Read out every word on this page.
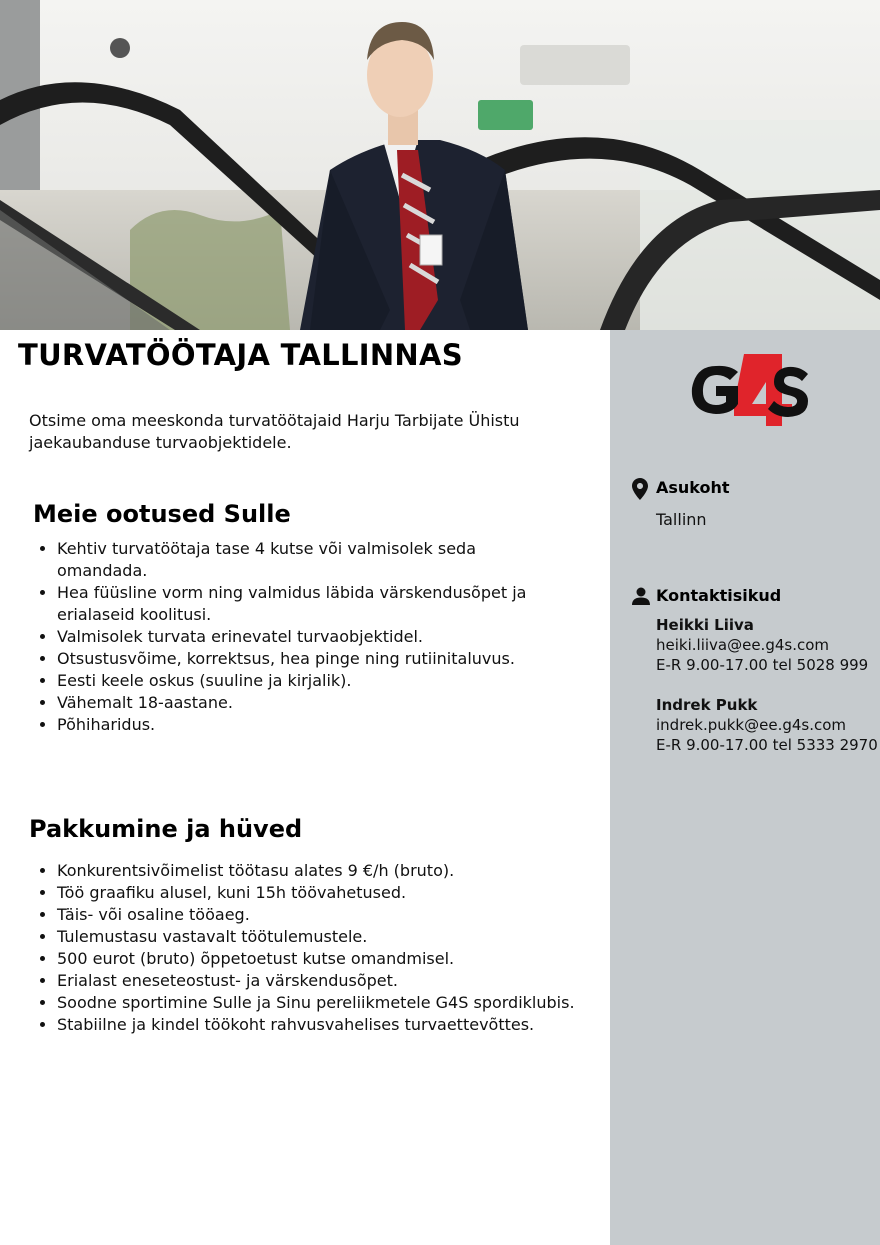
TURVATÖÖTAJA TALLINNAS

Otsime oma meeskonda turvatöötajaid Harju Tarbijate Ühistu jaekaubanduse turvaobjektidele.

Meie ootused Sulle
• Kehtiv turvatöötaja tase 4 kutse või valmisolek seda omandada.
• Hea füüsline vorm ning valmidus läbida värskendusõpet ja erialaseid koolitusi.
• Valmisolek turvata erinevatel turvaobjektidel.
• Otsustusvõime, korrektsus, hea pinge ning rutiinitaluvus.
• Eesti keele oskus (suuline ja kirjalik).
• Vähemalt 18-aastane.
• Põhiharidus.
Pakkumine ja hüved
• Konkurentsivõimelist töötasu alates 9 €/h (bruto).
• Töö graafiku alusel, kuni 15h töövahetused.
• Täis- või osaline tööaeg.
• Tulemustasu vastavalt töötulemustele.
• 500 eurot (bruto) õppetoetust kutse omandmisel.
• Erialast eneseteostust- ja värskendusõpet.
• Soodne sportimine Sulle ja Sinu pereliikmetele G4S spordiklubis.
• Stabiilne ja kindel töökoht rahvusvahelises turvaettevõttes.
Asukoht
Tallinn
Kontaktisikud
Heikki Liiva
heiki.liiva@ee.g4s.com
E-R 9.00-17.00 tel 5028 999
Indrek Pukk
indrek.pukk@ee.g4s.com
E-R 9.00-17.00 tel 5333 2970
